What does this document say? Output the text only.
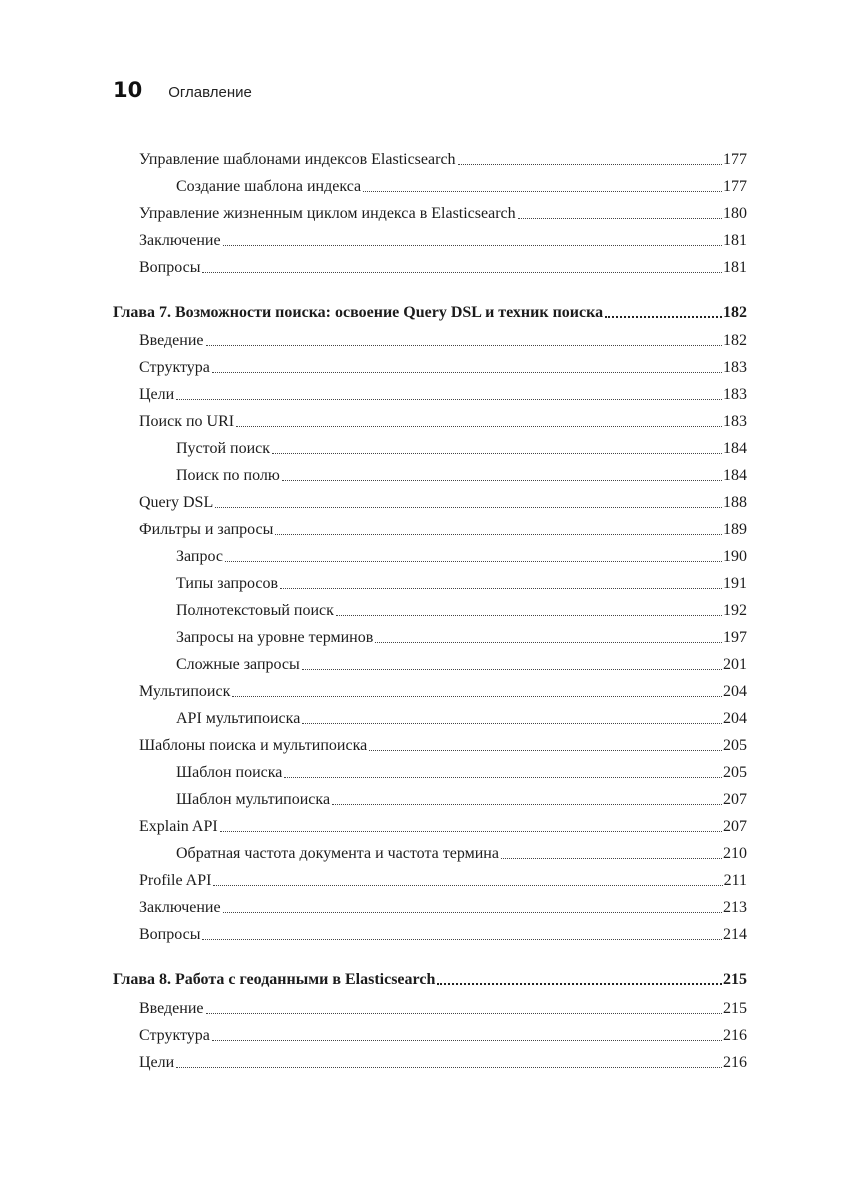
10 Оглавление
Управление шаблонами индексов Elasticsearch	177
Создание шаблона индекса	177
Управление жизненным циклом индекса в Elasticsearch	180
Заключение	181
Вопросы	181
Глава 7. Возможности поиска: освоение Query DSL и техник поиска	182
Введение	182
Структура	183
Цели	183
Поиск по URI	183
Пустой поиск	184
Поиск по полю	184
Query DSL	188
Фильтры и запросы	189
Запрос	190
Типы запросов	191
Полнотекстовый поиск	192
Запросы на уровне терминов	197
Сложные запросы	201
Мультипоиск	204
API мультипоиска	204
Шаблоны поиска и мультипоиска	205
Шаблон поиска	205
Шаблон мультипоиска	207
Explain API	207
Обратная частота документа и частота термина	210
Profile API	211
Заключение	213
Вопросы	214
Глава 8. Работа с геоданными в Elasticsearch	215
Введение	215
Структура	216
Цели	216
